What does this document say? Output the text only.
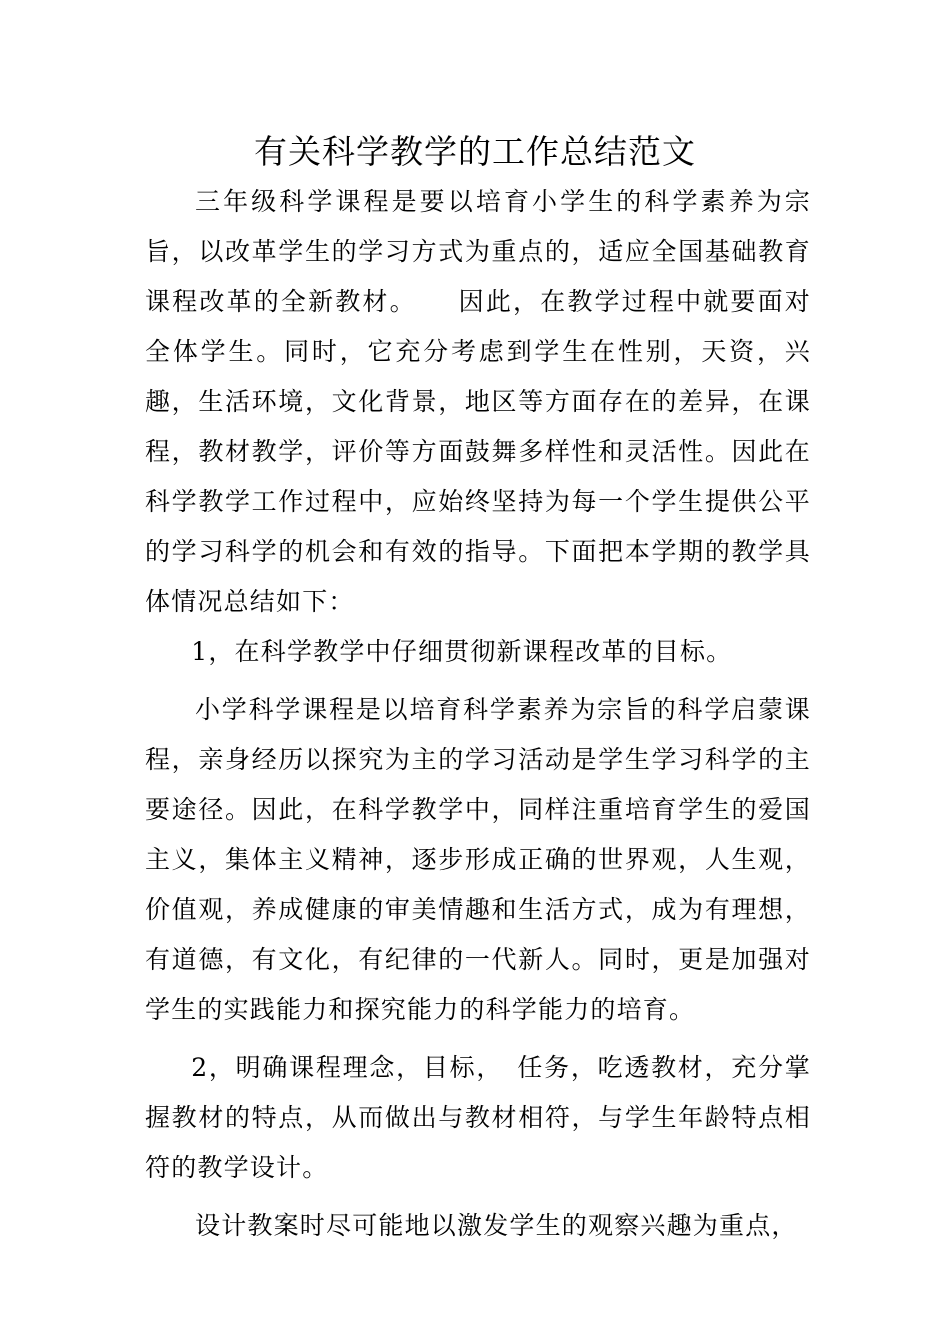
有关科学教学的工作总结范文

三年级科学课程是要以培育小学生的科学素养为宗旨，以改革学生的学习方式为重点的，适应全国基础教育课程改革的全新教材。　　因此，在教学过程中就要面对全体学生。同时，它充分考虑到学生在性别，天资，兴趣，生活环境，文化背景，地区等方面存在的差异，在课程，教材教学，评价等方面鼓舞多样性和灵活性。因此在科学教学工作过程中，应始终坚持为每一个学生提供公平的学习科学的机会和有效的指导。下面把本学期的教学具体情况总结如下：

1，在科学教学中仔细贯彻新课程改革的目标。

小学科学课程是以培育科学素养为宗旨的科学启蒙课程，亲身经历以探究为主的学习活动是学生学习科学的主要途径。因此，在科学教学中，同样注重培育学生的爱国主义，集体主义精神，逐步形成正确的世界观，人生观，价值观，养成健康的审美情趣和生活方式，成为有理想，有道德，有文化，有纪律的一代新人。同时，更是加强对学生的实践能力和探究能力的科学能力的培育。

2，明确课程理念，目标，　任务，吃透教材，充分掌握教材的特点，从而做出与教材相符，与学生年龄特点相符的教学设计。

设计教案时尽可能地以激发学生的观察兴趣为重点，
